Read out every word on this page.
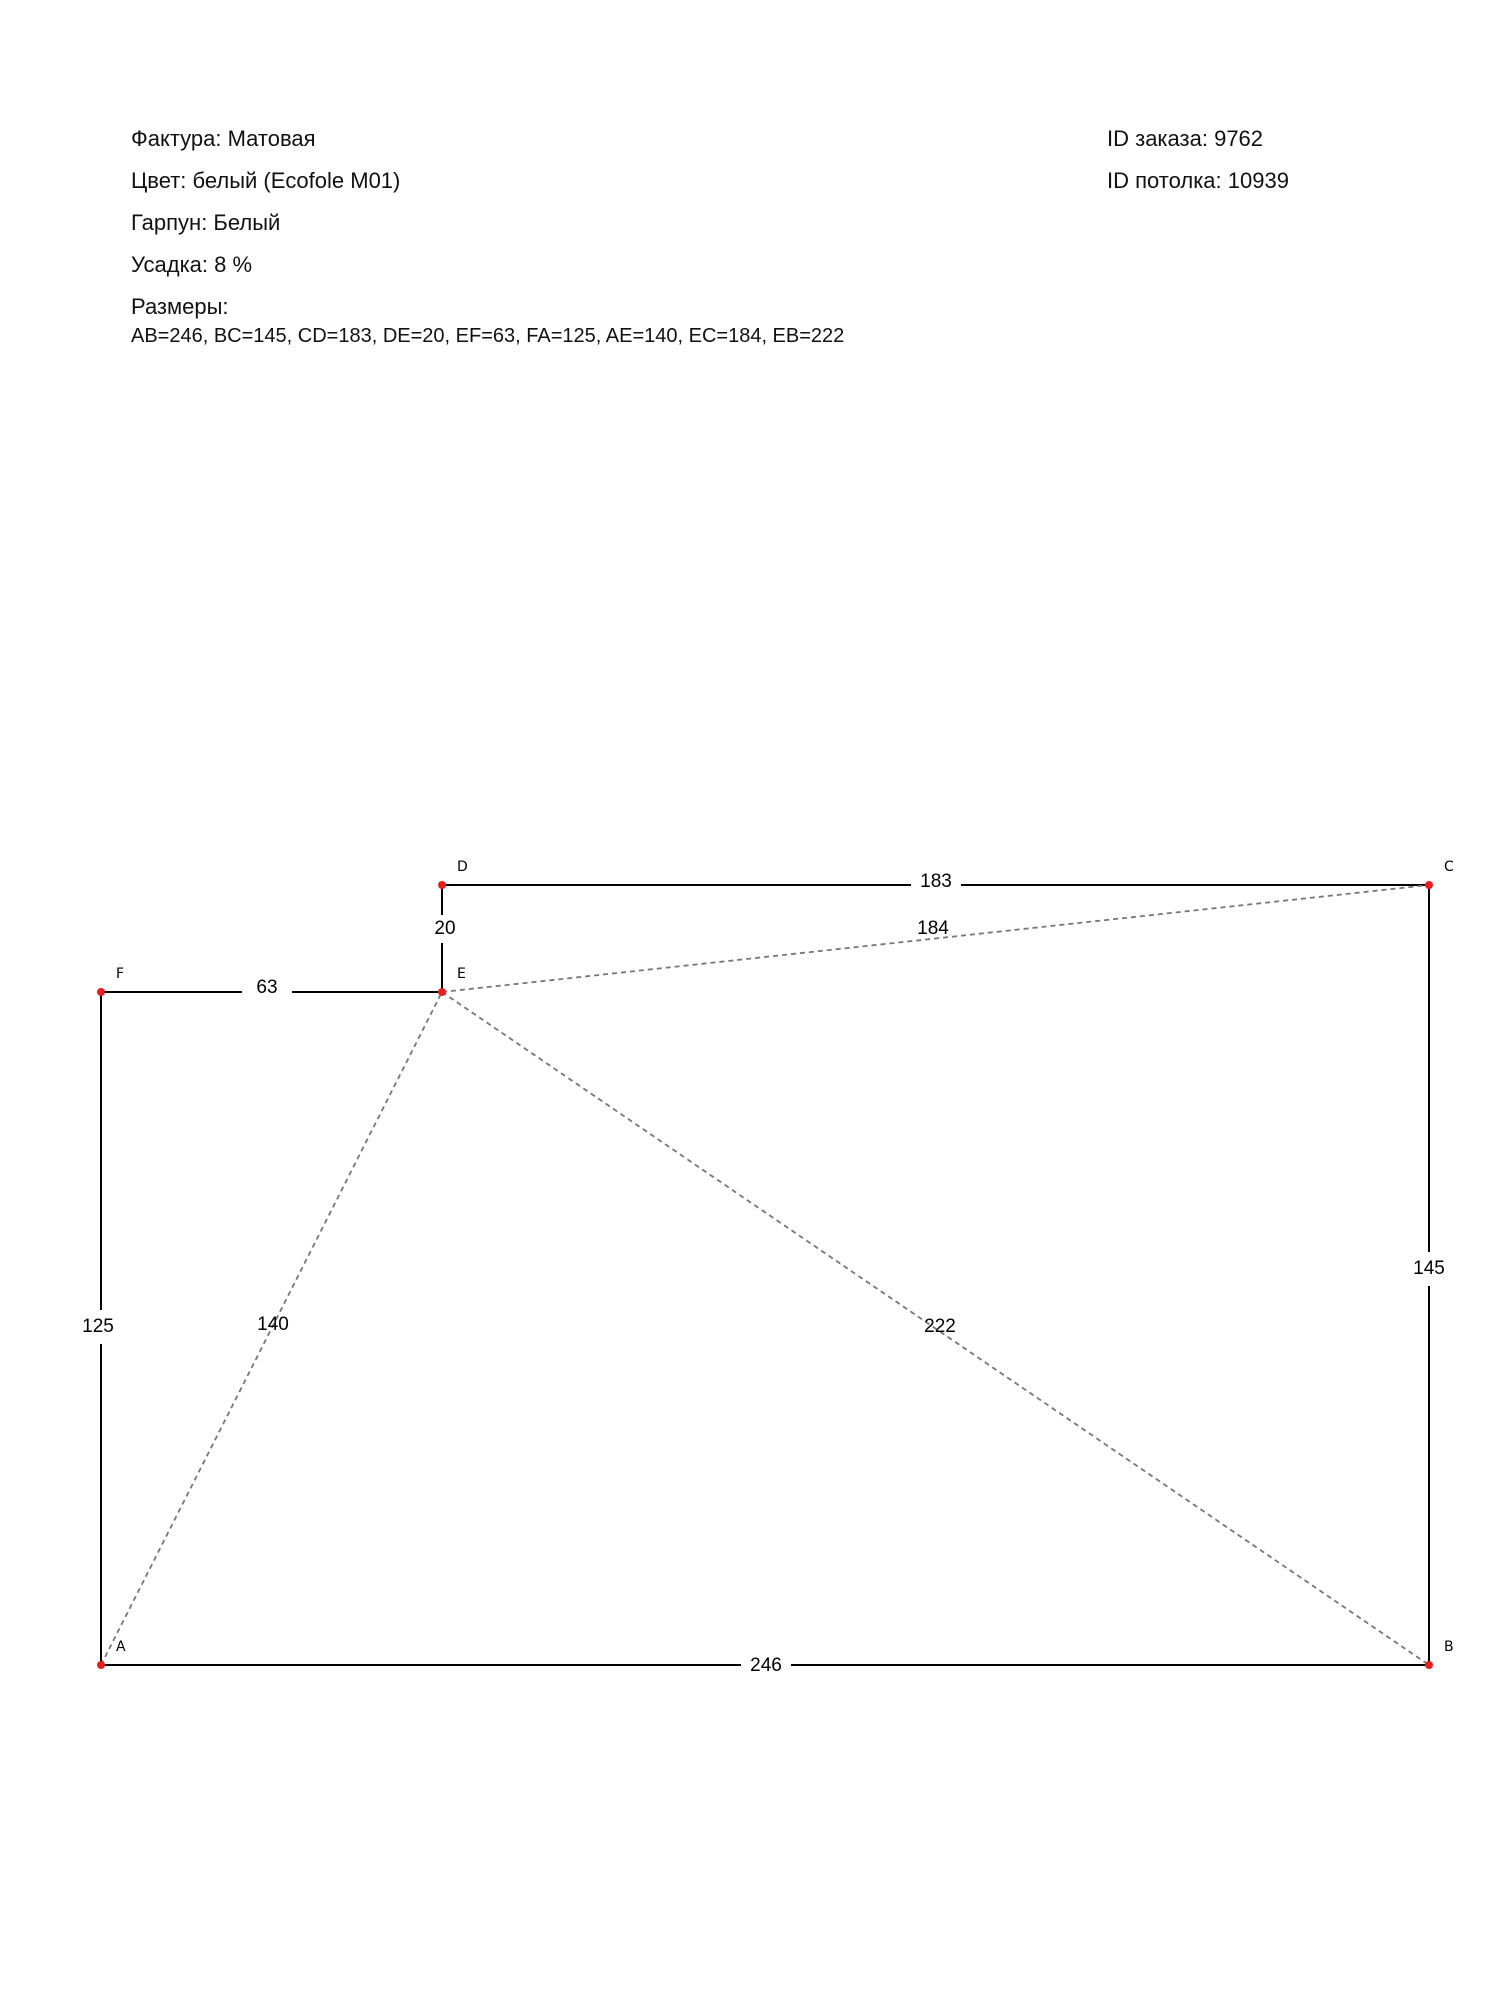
Фактура: Матовая
Цвет: белый (Ecofole M01)
Гарпун: Белый
Усадка: 8 %
Размеры:
AB=246, BC=145, CD=183, DE=20, EF=63, FA=125, AE=140, EC=184, EB=222
ID заказа: 9762
ID потолка: 10939
246
145
183
20
63
125	140
184
222
A	B
C
D
E
F
